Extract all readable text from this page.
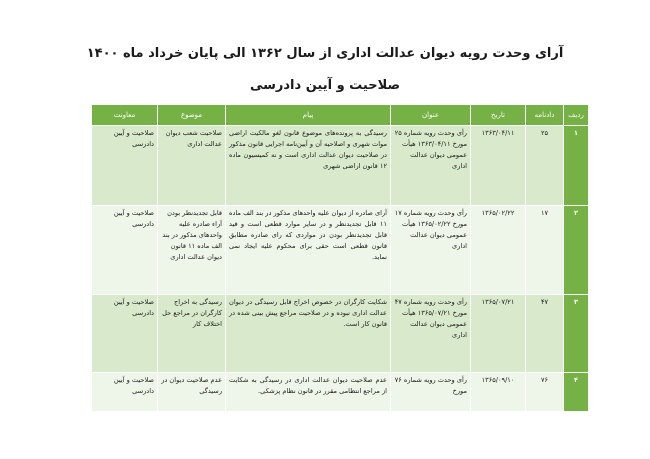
آرای وحدت رویه دیوان عدالت اداری از سال ۱۳۶۲ الی پایان خرداد ماه ۱۴۰۰
صلاحیت و آیین دادرسی
ردیف	دادنامه	تاریخ	عنوان	پیام	موضوع	معاونت
۱	۲۵	۱۳۶۳/۰۴/۱۱	رأی وحدت رویه شماره ۲۵ مورخ ۱۳۶۳/۰۴/۱۱ هیأت عمومی دیوان عدالت اداری	رسیدگی به پرونده‌های موضوع قانون لغو مالکیت اراضی موات شهری و اصلاحیه آن و آیین‌نامه اجرایی قانون مذکور در صلاحیت دیوان عدالت اداری است و نه کمیسیون ماده ۱۲ قانون اراضی شهری	صلاحیت شعب دیوان عدالت اداری	صلاحیت و آیین دادرسی
۲	۱۷	۱۳۶۵/۰۲/۲۲	رأی وحدت رویه شماره ۱۷ مورخ ۱۳۶۵/۰۲/۲۲ هیأت عمومی دیوان عدالت اداری	آرای صادره از دیوان علیه واحدهای مذکور در بند الف ماده ۱۱ قابل تجدیدنظر و در سایر موارد قطعی است و قید قابل تجدیدنظر بودن در مواردی که رای صادره مطابق قانون قطعی است حقی برای محکوم علیه ایجاد نمی نماید.	قابل تجدیدنظر بودن آراء صادره علیه واحدهای مذکور در بند الف ماده ۱۱ قانون دیوان عدالت اداری	صلاحیت و آیین دادرسی
۳	۴۷	۱۳۶۵/۰۷/۲۱	رأی وحدت رویه شماره ۴۷ مورخ ۱۳۶۵/۰۷/۲۱ هیأت عمومی دیوان عدالت اداری	شکایت کارگران در خصوص اخراج قابل رسیدگی در دیوان عدالت اداری نبوده و در صلاحیت مراجع پیش بینی شده در قانون کار است.	رسیدگی به اخراج کارگران در مراجع حل اختلاف کار	صلاحیت و آیین دادرسی
۴	۷۶	۱۳۶۵/۰۹/۱۰	رأی وحدت رویه شماره ۷۶ مورخ	عدم صلاحیت دیوان عدالت اداری در رسیدگی به شکایت از مراجع انتظامی مقرر در قانون نظام پزشکی.	عدم صلاحیت دیوان در رسیدگی	صلاحیت و آیین دادرسی
